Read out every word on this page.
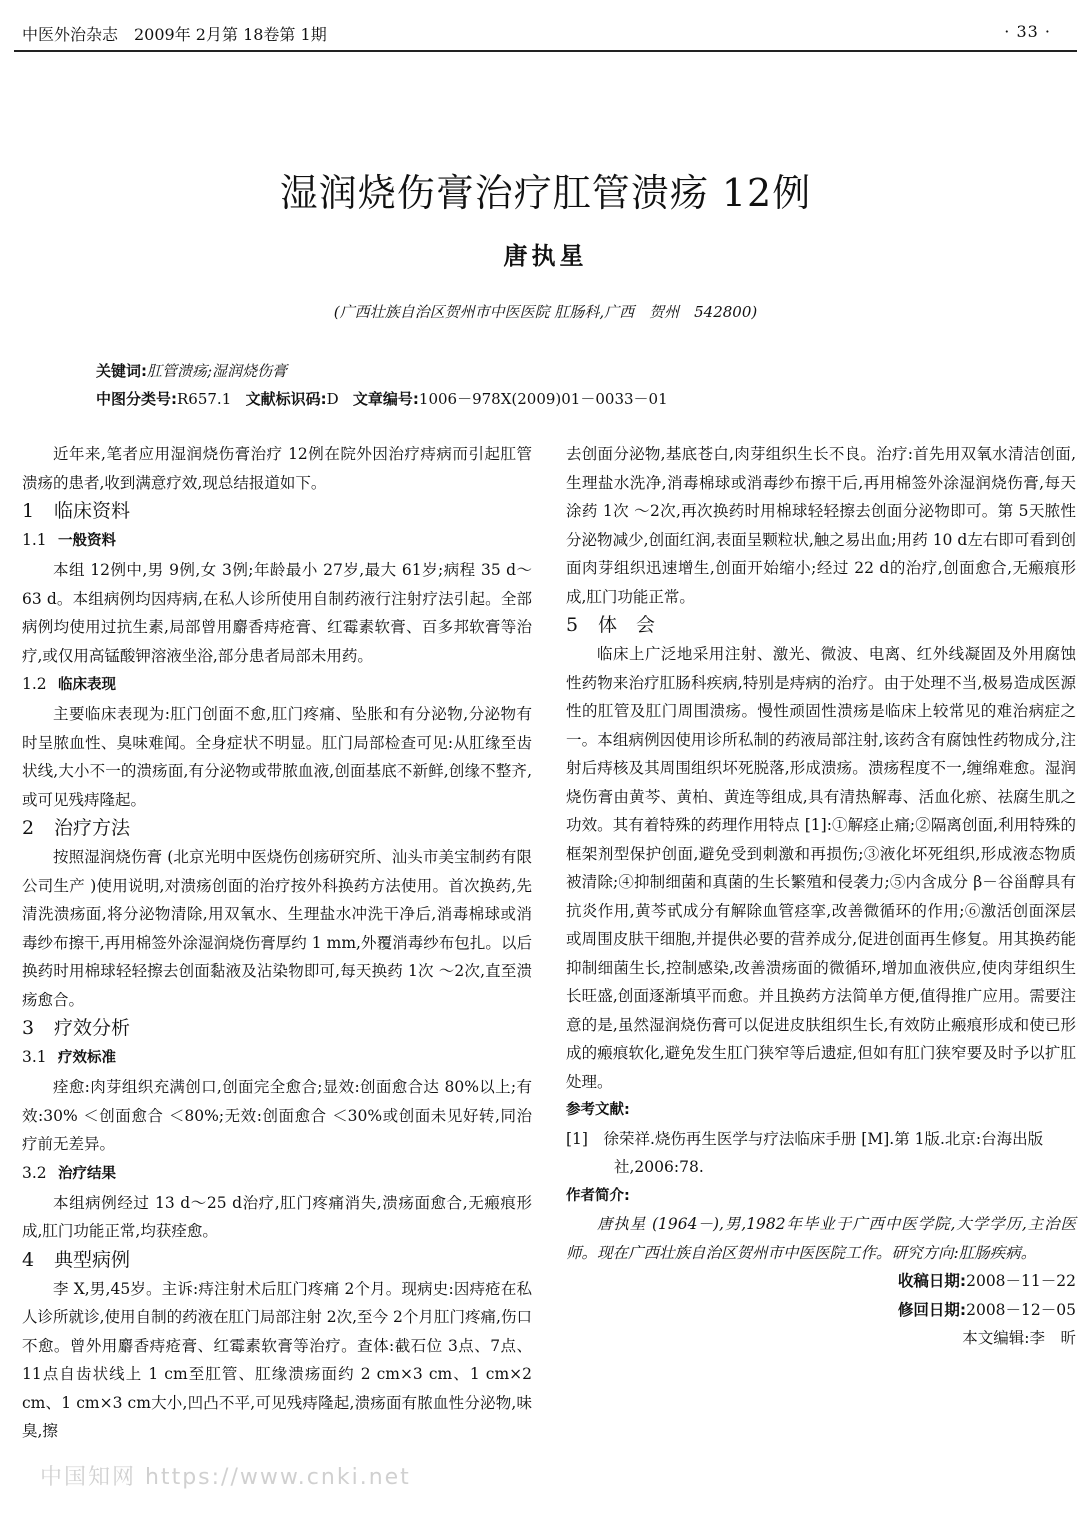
中医外治杂志　2009年 2月第 18卷第 1期	· 33 ·
湿润烧伤膏治疗肛管溃疡 12例
唐执星
(广西壮族自治区贺州市中医医院 肛肠科,广西　贺州　542800)
关键词:肛管溃疡;湿润烧伤膏
中图分类号:R657.1 文献标识码:D 文章编号:1006－978X(2009)01－0033－01

近年来,笔者应用湿润烧伤膏治疗 12例在院外因治疗痔病而引起肛管溃疡的患者,收到满意疗效,现总结报道如下。

1 临床资料

1.1 一般资料

本组 12例中,男 9例,女 3例;年龄最小 27岁,最大 61岁;病程 35 d～63 d。本组病例均因痔病,在私人诊所使用自制药液行注射疗法引起。全部病例均使用过抗生素,局部曾用麝香痔疮膏、红霉素软膏、百多邦软膏等治疗,或仅用高锰酸钾溶液坐浴,部分患者局部未用药。

1.2 临床表现

主要临床表现为:肛门创面不愈,肛门疼痛、坠胀和有分泌物,分泌物有时呈脓血性、臭味难闻。全身症状不明显。肛门局部检查可见:从肛缘至齿状线,大小不一的溃疡面,有分泌物或带脓血液,创面基底不新鲜,创缘不整齐,或可见残痔隆起。

2 治疗方法

按照湿润烧伤膏 (北京光明中医烧伤创疡研究所、汕头市美宝制药有限公司生产 )使用说明,对溃疡创面的治疗按外科换药方法使用。首次换药,先清洗溃疡面,将分泌物清除,用双氧水、生理盐水冲洗干净后,消毒棉球或消毒纱布擦干,再用棉签外涂湿润烧伤膏厚约 1 mm,外覆消毒纱布包扎。以后换药时用棉球轻轻擦去创面黏液及沾染物即可,每天换药 1次 ～2次,直至溃疡愈合。

3 疗效分析

3.1 疗效标准

痊愈:肉芽组织充满创口,创面完全愈合;显效:创面愈合达 80%以上;有效:30% ＜创面愈合 ＜80%;无效:创面愈合 ＜30%或创面未见好转,同治疗前无差异。

3.2 治疗结果

本组病例经过 13 d～25 d治疗,肛门疼痛消失,溃疡面愈合,无瘢痕形成,肛门功能正常,均获痊愈。

4 典型病例

李 X,男,45岁。主诉:痔注射术后肛门疼痛 2个月。现病史:因痔疮在私人诊所就诊,使用自制的药液在肛门局部注射 2次,至今 2个月肛门疼痛,伤口不愈。曾外用麝香痔疮膏、红霉素软膏等治疗。查体:截石位 3点、7点、11点自齿状线上 1 cm至肛管、肛缘溃疡面约 2 cm×3 cm、1 cm×2 cm、1 cm×3 cm大小,凹凸不平,可见残痔隆起,溃疡面有脓血性分泌物,味臭,擦

去创面分泌物,基底苍白,肉芽组织生长不良。治疗:首先用双氧水清洁创面,生理盐水洗净,消毒棉球或消毒纱布擦干后,再用棉签外涂湿润烧伤膏,每天涂药 1次 ～2次,再次换药时用棉球轻轻擦去创面分泌物即可。第 5天脓性分泌物减少,创面红润,表面呈颗粒状,触之易出血;用药 10 d左右即可看到创面肉芽组织迅速增生,创面开始缩小;经过 22 d的治疗,创面愈合,无瘢痕形成,肛门功能正常。

5 体　会

临床上广泛地采用注射、激光、微波、电离、红外线凝固及外用腐蚀性药物来治疗肛肠科疾病,特别是痔病的治疗。由于处理不当,极易造成医源性的肛管及肛门周围溃疡。慢性顽固性溃疡是临床上较常见的难治病症之一。本组病例因使用诊所私制的药液局部注射,该药含有腐蚀性药物成分,注射后痔核及其周围组织坏死脱落,形成溃疡。溃疡程度不一,缠绵难愈。湿润烧伤膏由黄芩、黄柏、黄连等组成,具有清热解毒、活血化瘀、祛腐生肌之功效。其有着特殊的药理作用特点 [1]:①解痉止痛;②隔离创面,利用特殊的框架剂型保护创面,避免受到刺激和再损伤;③液化坏死组织,形成液态物质被清除;④抑制细菌和真菌的生长繁殖和侵袭力;⑤内含成分 β－谷甾醇具有抗炎作用,黄芩甙成分有解除血管痉挛,改善微循环的作用;⑥激活创面深层或周围皮肤干细胞,并提供必要的营养成分,促进创面再生修复。用其换药能抑制细菌生长,控制感染,改善溃疡面的微循环,增加血液供应,使肉芽组织生长旺盛,创面逐渐填平而愈。并且换药方法简单方便,值得推广应用。需要注意的是,虽然湿润烧伤膏可以促进皮肤组织生长,有效防止瘢痕形成和使已形成的瘢痕软化,避免发生肛门狭窄等后遗症,但如有肛门狭窄要及时予以扩肛处理。

参考文献:

[1]　徐荣祥.烧伤再生医学与疗法临床手册 [M].第 1版.北京:台海出版社,2006:78.

作者简介:

唐执星 (1964－),男,1982年毕业于广西中医学院,大学学历,主治医师。现在广西壮族自治区贺州市中医医院工作。研究方向:肛肠疾病。

收稿日期:2008－11－22

修回日期:2008－12－05

本文编辑:李　昕

中国知网 https://www.cnki.net
